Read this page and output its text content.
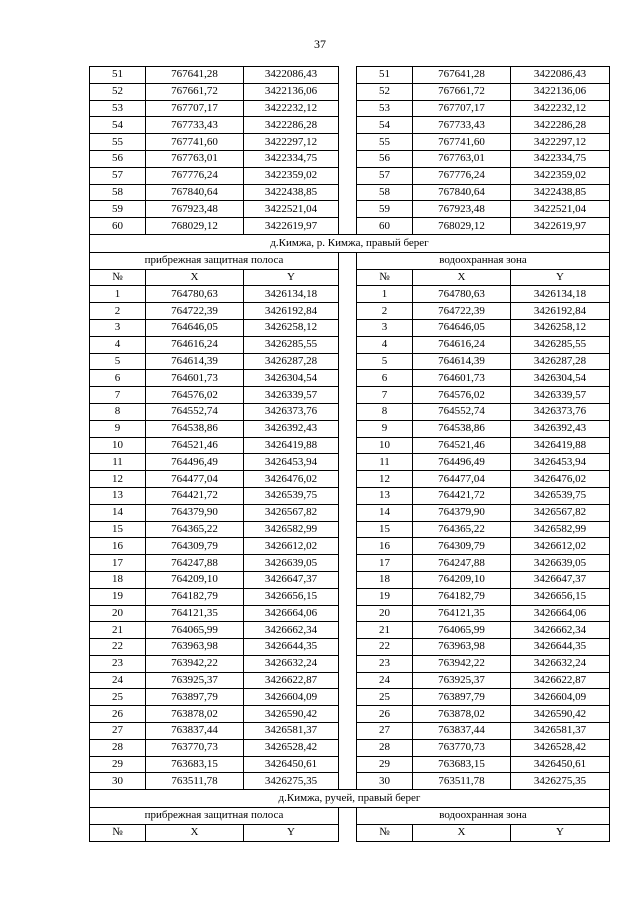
37
51	767641,28	3422086,43		51	767641,28	3422086,43
52	767661,72	3422136,06		52	767661,72	3422136,06
53	767707,17	3422232,12		53	767707,17	3422232,12
54	767733,43	3422286,28		54	767733,43	3422286,28
55	767741,60	3422297,12		55	767741,60	3422297,12
56	767763,01	3422334,75		56	767763,01	3422334,75
57	767776,24	3422359,02		57	767776,24	3422359,02
58	767840,64	3422438,85		58	767840,64	3422438,85
59	767923,48	3422521,04		59	767923,48	3422521,04
60	768029,12	3422619,97		60	768029,12	3422619,97
д.Кимжа, р. Кимжа, правый берег						
прибрежная защитная полоса				водоохранная зона		
№	X	Y		№	X	Y
1	764780,63	3426134,18		1	764780,63	3426134,18
2	764722,39	3426192,84		2	764722,39	3426192,84
3	764646,05	3426258,12		3	764646,05	3426258,12
4	764616,24	3426285,55		4	764616,24	3426285,55
5	764614,39	3426287,28		5	764614,39	3426287,28
6	764601,73	3426304,54		6	764601,73	3426304,54
7	764576,02	3426339,57		7	764576,02	3426339,57
8	764552,74	3426373,76		8	764552,74	3426373,76
9	764538,86	3426392,43		9	764538,86	3426392,43
10	764521,46	3426419,88		10	764521,46	3426419,88
11	764496,49	3426453,94		11	764496,49	3426453,94
12	764477,04	3426476,02		12	764477,04	3426476,02
13	764421,72	3426539,75		13	764421,72	3426539,75
14	764379,90	3426567,82		14	764379,90	3426567,82
15	764365,22	3426582,99		15	764365,22	3426582,99
16	764309,79	3426612,02		16	764309,79	3426612,02
17	764247,88	3426639,05		17	764247,88	3426639,05
18	764209,10	3426647,37		18	764209,10	3426647,37
19	764182,79	3426656,15		19	764182,79	3426656,15
20	764121,35	3426664,06		20	764121,35	3426664,06
21	764065,99	3426662,34		21	764065,99	3426662,34
22	763963,98	3426644,35		22	763963,98	3426644,35
23	763942,22	3426632,24		23	763942,22	3426632,24
24	763925,37	3426622,87		24	763925,37	3426622,87
25	763897,79	3426604,09		25	763897,79	3426604,09
26	763878,02	3426590,42		26	763878,02	3426590,42
27	763837,44	3426581,37		27	763837,44	3426581,37
28	763770,73	3426528,42		28	763770,73	3426528,42
29	763683,15	3426450,61		29	763683,15	3426450,61
30	763511,78	3426275,35		30	763511,78	3426275,35
д.Кимжа, ручей, правый берег						
прибрежная защитная полоса				водоохранная зона		
№	X	Y		№	X	Y
